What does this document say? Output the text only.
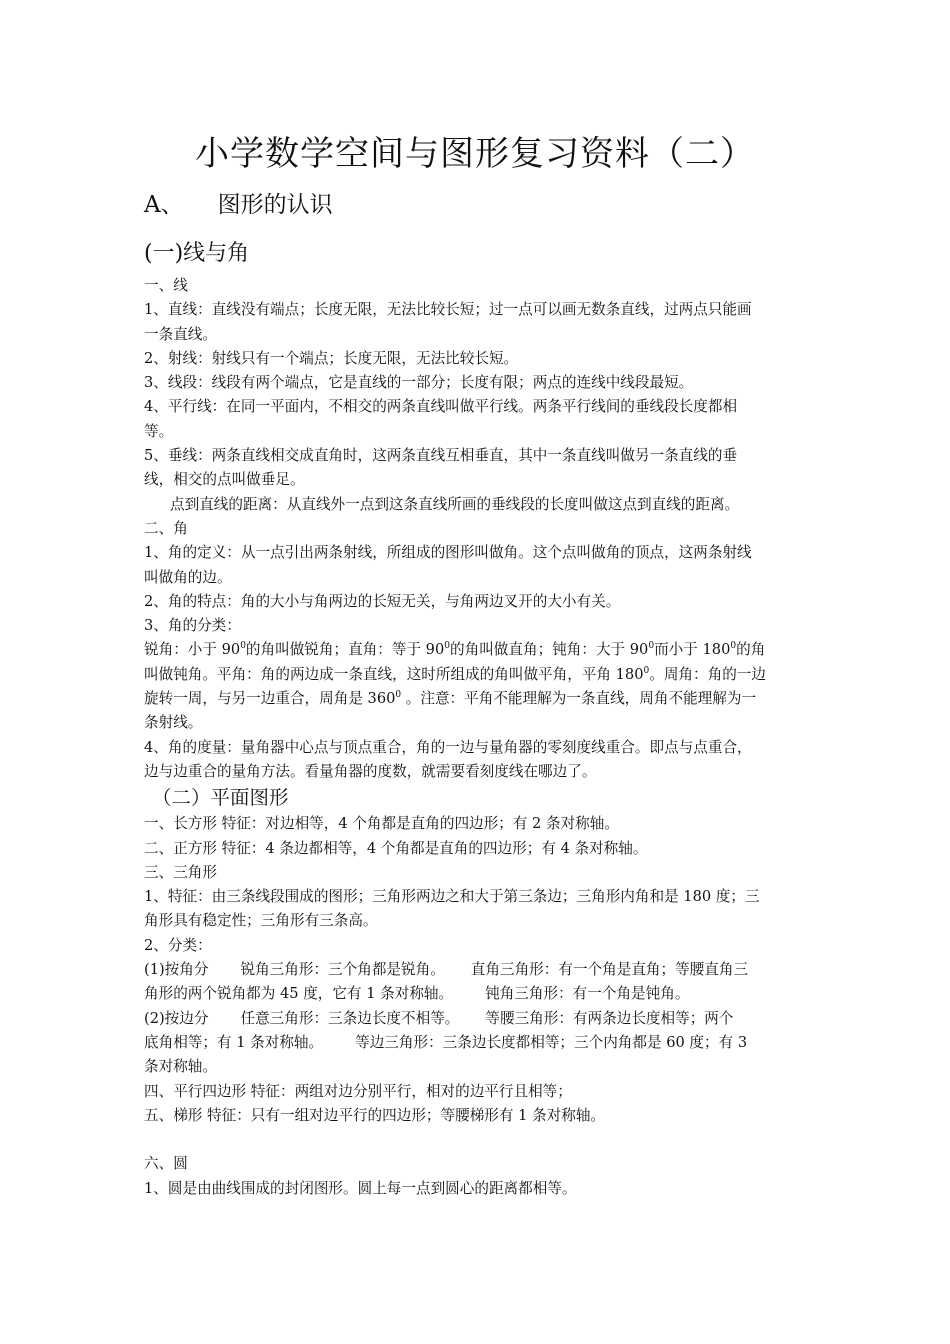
小学数学空间与图形复习资料（二）
A、 图形的认识
(一)线与角

一、线

1、直线：直线没有端点；长度无限，无法比较长短；过一点可以画无数条直线，过两点只能画

一条直线。

2、射线：射线只有一个端点；长度无限，无法比较长短。

3、线段：线段有两个端点，它是直线的一部分；长度有限；两点的连线中线段最短。

4、平行线：在同一平面内，不相交的两条直线叫做平行线。两条平行线间的垂线段长度都相

等。

5、垂线：两条直线相交成直角时，这两条直线互相垂直，其中一条直线叫做另一条直线的垂

线，相交的点叫做垂足。

点到直线的距离：从直线外一点到这条直线所画的垂线段的长度叫做这点到直线的距离。

二、角

1、角的定义：从一点引出两条射线，所组成的图形叫做角。这个点叫做角的顶点，这两条射线

叫做角的边。

2、角的特点：角的大小与角两边的长短无关，与角两边叉开的大小有关。

3、角的分类：

锐角：小于 $90^0$的角叫做锐角；直角：等于 $90^0$的角叫做直角；钝角：大于 $90^0$而小于 $180^0$的角

叫做钝角。平角：角的两边成一条直线，这时所组成的角叫做平角，平角 $180^0$。周角：角的一边

旋转一周，与另一边重合，周角是 $360^0$ 。注意：平角不能理解为一条直线，周角不能理解为一

条射线。

4、角的度量：量角器中心点与顶点重合，角的一边与量角器的零刻度线重合。即点与点重合，

边与边重合的量角方法。看量角器的度数，就需要看刻度线在哪边了。

（二）平面图形

一、长方形 特征：对边相等，4 个角都是直角的四边形；有 2 条对称轴。

二、正方形 特征：4 条边都相等，4 个角都是直角的四边形；有 4 条对称轴。

三、三角形

1、特征：由三条线段围成的图形；三角形两边之和大于第三条边；三角形内角和是 180 度；三

角形具有稳定性；三角形有三条高。

2、分类：

(1)按角分 锐角三角形：三个角都是锐角。 直角三角形：有一个角是直角；等腰直角三

角形的两个锐角都为 45 度，它有 1 条对称轴。 钝角三角形：有一个角是钝角。

(2)按边分 任意三角形：三条边长度不相等。 等腰三角形：有两条边长度相等；两个

底角相等；有 1 条对称轴。 等边三角形：三条边长度都相等；三个内角都是 60 度；有 3

条对称轴。

四、平行四边形 特征：两组对边分别平行，相对的边平行且相等；

五、梯形 特征：只有一组对边平行的四边形；等腰梯形有 1 条对称轴。

六、圆

1、圆是由曲线围成的封闭图形。圆上每一点到圆心的距离都相等。
